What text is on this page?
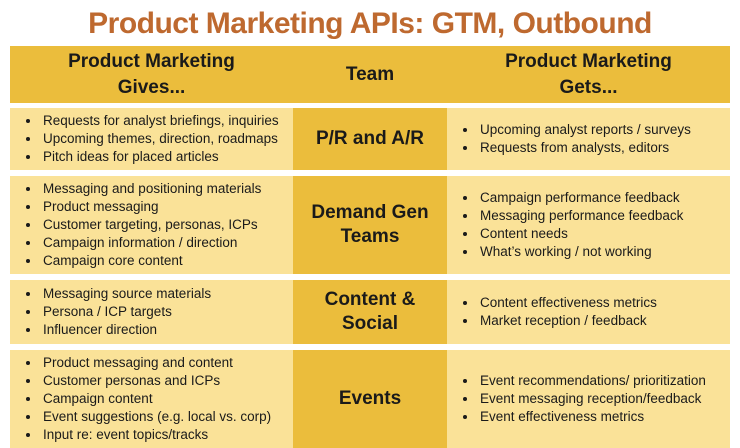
Product Marketing APIs: GTM, Outbound
Product Marketing
Gives...
Team
Product Marketing
Gets...
• Requests for analyst briefings, inquiries
• Upcoming themes, direction, roadmaps
• Pitch ideas for placed articles
P/R and A/R	• Upcoming analyst reports / surveys
• Requests from analysts, editors
• Messaging and positioning materials
• Product messaging
• Customer targeting, personas, ICPs
• Campaign information / direction
• Campaign core content
Demand Gen Teams
• Campaign performance feedback
• Messaging performance feedback
• Content needs
• What’s working / not working
• Messaging source materials
• Persona / ICP targets
• Influencer direction
Content & Social
• Content effectiveness metrics
• Market reception / feedback
• Product messaging and content
• Customer personas and ICPs
• Campaign content
• Event suggestions (e.g. local vs. corp)
• Input re: event topics/tracks
Events
• Event recommendations/ prioritization
• Event messaging reception/feedback
• Event effectiveness metrics
